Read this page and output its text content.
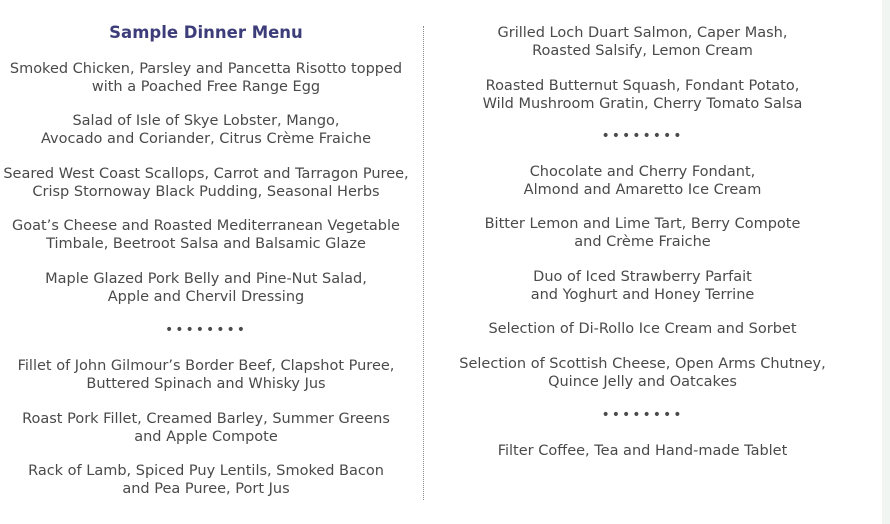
Sample Dinner Menu
Smoked Chicken, Parsley and Pancetta Risotto topped
with a Poached Free Range Egg
Salad of Isle of Skye Lobster, Mango,
Avocado and Coriander, Citrus Crème Fraiche
Seared West Coast Scallops, Carrot and Tarragon Puree,
Crisp Stornoway Black Pudding, Seasonal Herbs
Goat’s Cheese and Roasted Mediterranean Vegetable
Timbale, Beetroot Salsa and Balsamic Glaze
Maple Glazed Pork Belly and Pine-Nut Salad,
Apple and Chervil Dressing
••••••••
Fillet of John Gilmour’s Border Beef, Clapshot Puree,
Buttered Spinach and Whisky Jus
Roast Pork Fillet, Creamed Barley, Summer Greens
and Apple Compote
Rack of Lamb, Spiced Puy Lentils, Smoked Bacon
and Pea Puree, Port Jus
Grilled Loch Duart Salmon, Caper Mash,
Roasted Salsify, Lemon Cream
Roasted Butternut Squash, Fondant Potato,
Wild Mushroom Gratin, Cherry Tomato Salsa
••••••••
Chocolate and Cherry Fondant,
Almond and Amaretto Ice Cream
Bitter Lemon and Lime Tart, Berry Compote
and Crème Fraiche
Duo of Iced Strawberry Parfait
and Yoghurt and Honey Terrine
Selection of Di-Rollo Ice Cream and Sorbet
Selection of Scottish Cheese, Open Arms Chutney,
Quince Jelly and Oatcakes
••••••••
Filter Coffee, Tea and Hand-made Tablet
